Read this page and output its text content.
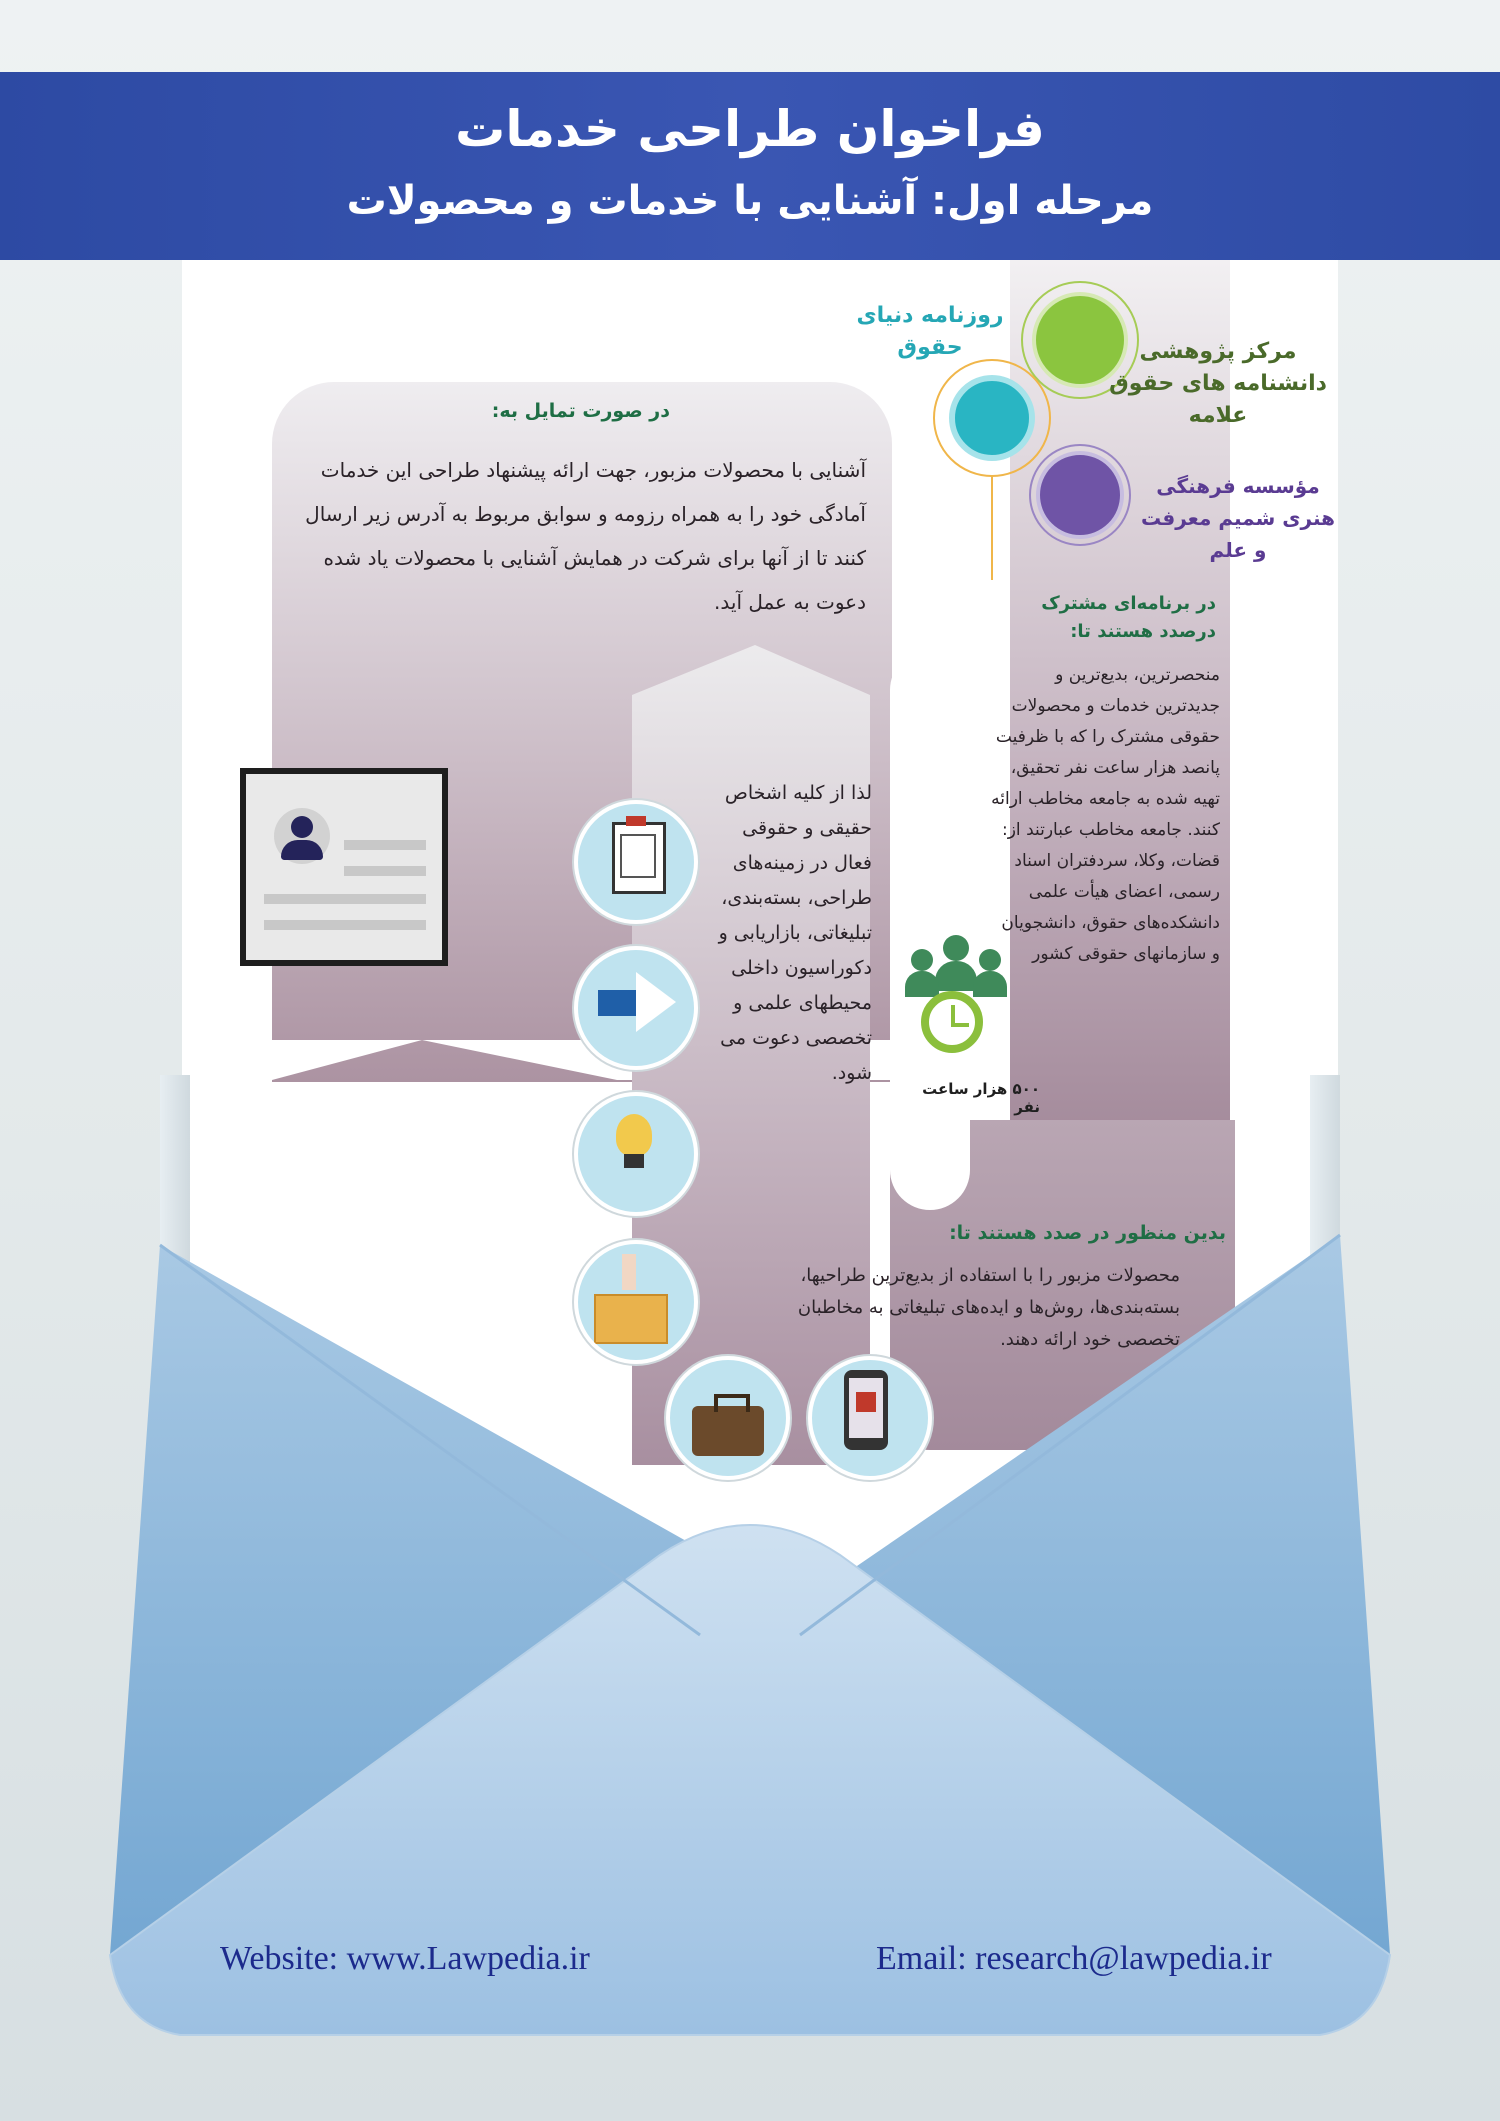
فراخوان طراحی خدمات
مرحله اول: آشنایی با خدمات و محصولات
در صورت تمایل به:
آشنایی با محصولات مزبور، جهت ارائه پیشنهاد طراحی این خدمات آمادگی خود را به همراه رزومه و سوابق مربوط به آدرس زیر ارسال کنند تا از آنها برای شرکت در همایش آشنایی با محصولات یاد شده دعوت به عمل آید.
لذا از کلیه اشخاص حقیقی و حقوقی فعال در زمینه‌های طراحی، بسته‌بندی، تبلیغاتی، بازاریابی و دکوراسیون داخلی محیطهای علمی و تخصصی دعوت می شود.
در برنامه‌ای مشترک درصدد هستند تا:
منحصرترین، بدیع‌ترین و جدیدترین خدمات و محصولات حقوقی مشترک را که با ظرفیت پانصد هزار ساعت نفر تحقیق، تهیه شده به جامعه مخاطب ارائه کنند. جامعه مخاطب عبارتند از: قضات، وکلا، سردفتران اسناد رسمی، اعضای هیأت علمی دانشکده‌های حقوق، دانشجویان و سازمانهای حقوقی کشور
۵۰۰ هزار ساعت نفر
بدین منظور در صدد هستند تا:
محصولات مزبور را با استفاده از بدیع‌ترین طراحیها، بسته‌بندی‌ها، روش‌ها و ایده‌های تبلیغاتی به مخاطبان تخصصی خود ارائه دهند.
روزنامه دنیای حقوق	مرکز پژوهشی دانشنامه های حقوق علامه
مؤسسه فرهنگی هنری شمیم معرفت و علم
Website: www.Lawpedia.ir	Email: research@lawpedia.ir
